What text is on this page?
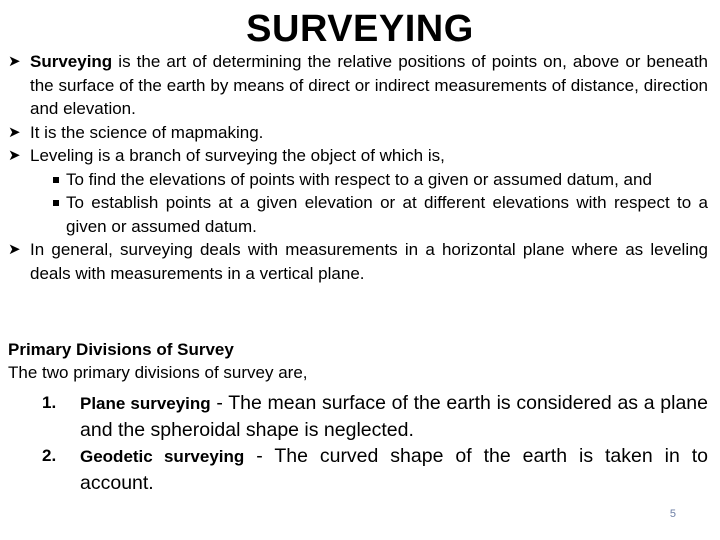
SURVEYING

➤ Surveying is the art of determining the relative positions of points on, above or beneath the surface of the earth by means of direct or indirect measurements of distance, direction and elevation.

➤ It is the science of mapmaking.

➤ Leveling is a branch of surveying the object of which is,

To find the elevations of points with respect to a given or assumed datum, and

To establish points at a given elevation or at different elevations with respect to a given or assumed datum.

➤ In general, surveying deals with measurements in a horizontal plane where as leveling deals with measurements in a vertical plane.

Primary Divisions of Survey
The two primary divisions of survey are,

1. Plane surveying - The mean surface of the earth is considered as a plane and the spheroidal shape is neglected.

2. Geodetic surveying - The curved shape of the earth is taken in to account.

5
